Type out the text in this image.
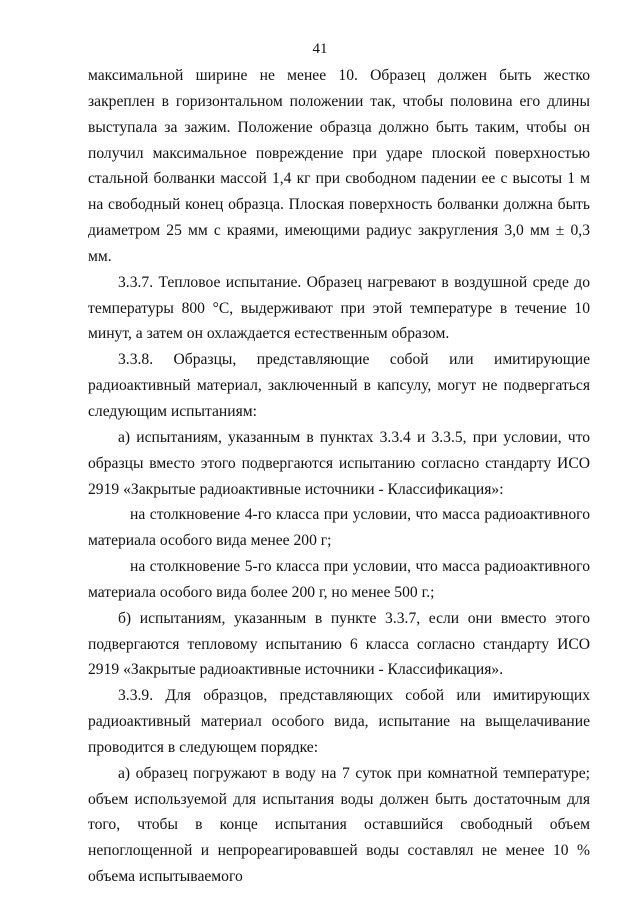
41

максимальной ширине не менее 10. Образец должен быть жестко закреплен в горизонтальном положении так, чтобы половина его длины выступала за зажим. Положение образца должно быть таким, чтобы он получил максимальное повреждение при ударе плоской поверхностью стальной болванки массой 1,4 кг при свободном падении ее с высоты 1 м на свободный конец образца. Плоская поверхность болванки должна быть диаметром 25 мм с краями, имеющими радиус закругления 3,0 мм ± 0,3 мм.

3.3.7. Тепловое испытание. Образец нагревают в воздушной среде до температуры 800 °С, выдерживают при этой температуре в течение 10 минут, а затем он охлаждается естественным образом.

3.3.8. Образцы, представляющие собой или имитирующие радиоактивный материал, заключенный в капсулу, могут не подвергаться следующим испытаниям:

а) испытаниям, указанным в пунктах 3.3.4 и 3.3.5, при условии, что образцы вместо этого подвергаются испытанию согласно стандарту ИСО 2919 «Закрытые радиоактивные источники - Классификация»:

на столкновение 4-го класса при условии, что масса радиоактивного материала особого вида менее 200 г;

на столкновение 5-го класса при условии, что масса радиоактивного материала особого вида более 200 г, но менее 500 г.;

б) испытаниям, указанным в пункте 3.3.7, если они вместо этого подвергаются тепловому испытанию 6 класса согласно стандарту ИСО 2919 «Закрытые радиоактивные источники - Классификация».

3.3.9. Для образцов, представляющих собой или имитирующих радиоактивный материал особого вида, испытание на выщелачивание проводится в следующем порядке:

а) образец погружают в воду на 7 суток при комнатной температуре; объем используемой для испытания воды должен быть достаточным для того, чтобы в конце испытания оставшийся свободный объем непоглощенной и непрореагировавшей воды составлял не менее 10 % объема испытываемого
